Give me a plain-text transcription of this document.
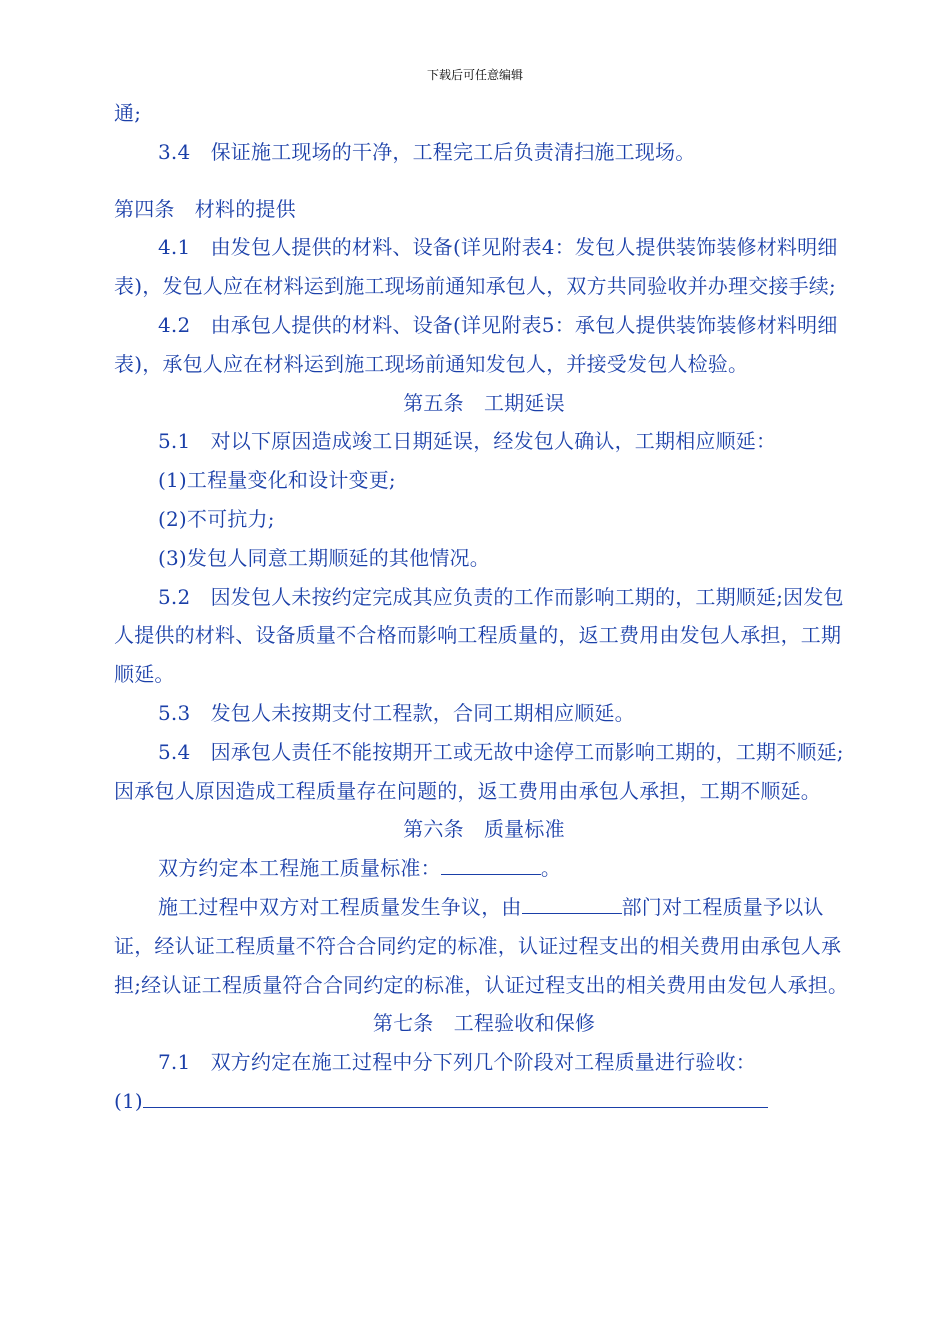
下载后可任意编辑

通;

3.4　保证施工现场的干净，工程完工后负责清扫施工现场。

第四条　材料的提供

4.1　由发包人提供的材料、设备(详见附表4：发包人提供装饰装修材料明细表)，发包人应在材料运到施工现场前通知承包人，双方共同验收并办理交接手续;

4.2　由承包人提供的材料、设备(详见附表5：承包人提供装饰装修材料明细表)，承包人应在材料运到施工现场前通知发包人，并接受发包人检验。

第五条　工期延误

5.1　对以下原因造成竣工日期延误，经发包人确认，工期相应顺延：

(1)工程量变化和设计变更;

(2)不可抗力;

(3)发包人同意工期顺延的其他情况。

5.2　因发包人未按约定完成其应负责的工作而影响工期的，工期顺延;因发包人提供的材料、设备质量不合格而影响工程质量的，返工费用由发包人承担，工期顺延。

5.3　发包人未按期支付工程款，合同工期相应顺延。

5.4　因承包人责任不能按期开工或无故中途停工而影响工期的，工期不顺延;因承包人原因造成工程质量存在问题的，返工费用由承包人承担，工期不顺延。

第六条　质量标准

双方约定本工程施工质量标准：	。

施工过程中双方对工程质量发生争议，由	部门对工程质量予以认证，经认证工程质量不符合合同约定的标准，认证过程支出的相关费用由承包人承担;经认证工程质量符合合同约定的标准，认证过程支出的相关费用由发包人承担。

第七条　工程验收和保修

7.1　双方约定在施工过程中分下列几个阶段对工程质量进行验收：

(1)
